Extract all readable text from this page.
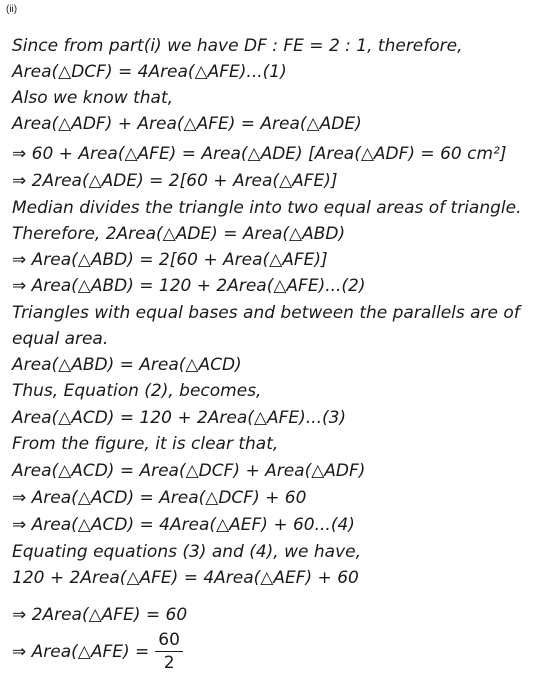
(ii)
Since from part(i) we have DF : FE = 2 : 1, therefore,
Area(△DCF) = 4Area(△AFE)...(1)
Also we know that,
Area(△ADF) + Area(△AFE) = Area(△ADE)
⇒ 60 + Area(△AFE) = Area(△ADE) [Area(△ADF) = 60 cm²]
⇒ 2Area(△ADE) = 2[60 + Area(△AFE)]
Median divides the triangle into two equal areas of triangle.
Therefore, 2Area(△ADE) = Area(△ABD)
⇒ Area(△ABD) = 2[60 + Area(△AFE)]
⇒ Area(△ABD) = 120 + 2Area(△AFE)...(2)
Triangles with equal bases and between the parallels are of
equal area.
Area(△ABD) = Area(△ACD)
Thus, Equation (2), becomes,
Area(△ACD) = 120 + 2Area(△AFE)...(3)
From the figure, it is clear that,
Area(△ACD) = Area(△DCF) + Area(△ADF)
⇒ Area(△ACD) = Area(△DCF) + 60
⇒ Area(△ACD) = 4Area(△AEF) + 60...(4)
Equating equations (3) and (4), we have,
120 + 2Area(△AFE) = 4Area(△AEF) + 60
⇒ 2Area(△AFE) = 60
⇒ Area(△AFE) = $\frac{60}{2}$
